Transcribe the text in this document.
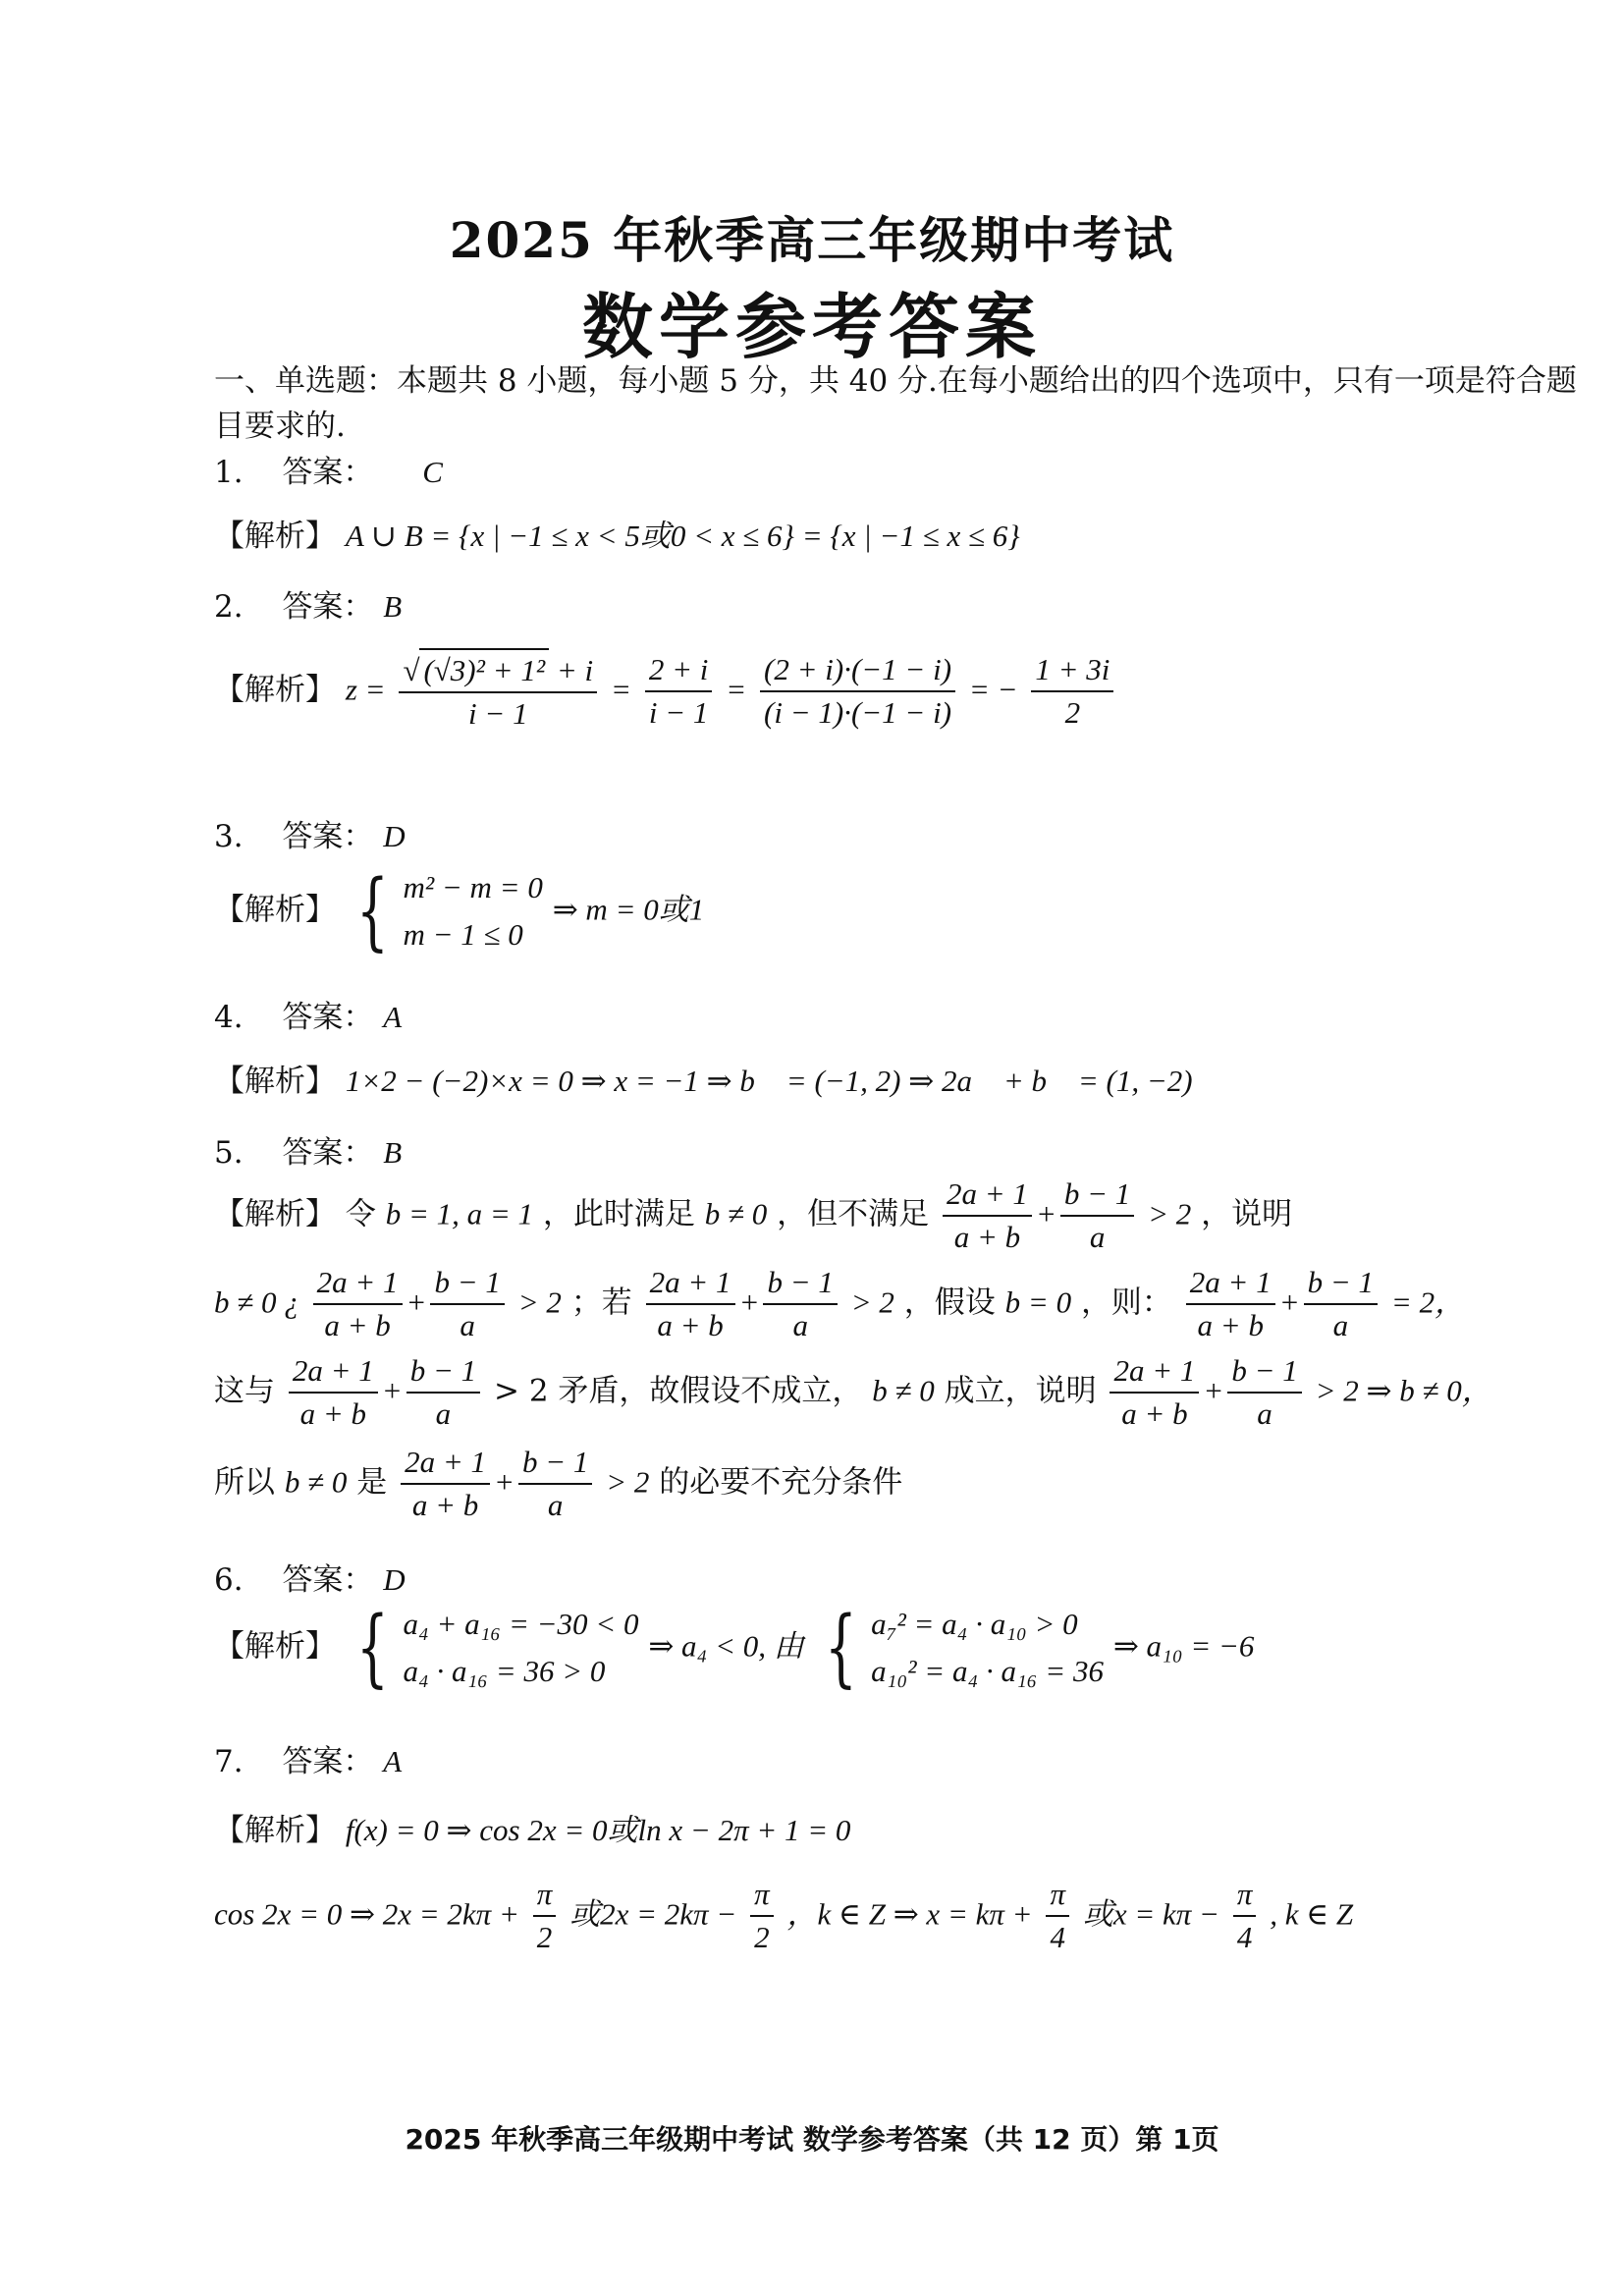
2025 年秋季高三年级期中考试
数学参考答案
一、单选题：本题共 8 小题，每小题 5 分，共 40 分.在每小题给出的四个选项中，只有一项是符合题
目要求的.
1. 答案： C
【解析】 A ∪ B = {x | −1 ≤ x < 5或0 < x ≤ 6} = {x | −1 ≤ x ≤ 6}
2. 答案： B
【解析】 $z = \frac{\text{√ (√3)² + 1² + i}}{i - 1} = \frac{2 + i}{i - 1} = \frac{(2 + i)\cdot(-1 - i)}{(i - 1)\cdot(-1 - i)}$ = − $\frac{1 + 3i}{2}$
3. 答案： D
【解析】 { m² − m = 0
m − 1 ≤ 0
⇒ m = 0或1
4. 答案： A
【解析】 1×2 − (−2)×x = 0 ⇒ x = −1 ⇒ b⃗ = (−1, 2) ⇒ 2a⃗ + b⃗ = (1, −2)
5. 答案： B
【解析】 令 b = 1, a = 1 ，此时满足 b ≠ 0 ，但不满足 $\frac{2a + 1}{a + b} + \frac{b - 1}{a} > 2$ ，说明
b ≠ 0 ¿ $\frac{2a + 1}{a + b} + \frac{b - 1}{a} > 2$ ；若 $\frac{2a + 1}{a + b} + \frac{b - 1}{a} > 2$ ，假设 b = 0 ，则： $\frac{2a + 1}{a + b} + \frac{b - 1}{a} = 2$，
这与 $\frac{2a + 1}{a + b} + \frac{b - 1}{a} > 2$ 矛盾，故假设不成立， b ≠ 0 成立，说明 $\frac{2a + 1}{a + b} + \frac{b - 1}{a} > 2$ ⇒ b ≠ 0，
所以 b ≠ 0 是 $\frac{2a + 1}{a + b} + \frac{b - 1}{a} > 2$ 的必要不充分条件
6. 答案： D
【解析】 { a₄ + a₁₆ = −30 < 0
a₄ · a₁₆ = 36 > 0
⇒ a₄ < 0, 由 { a₇² = a₄ · a₁₀ > 0
a₁₀² = a₄ · a₁₆ = 36
⇒ a₁₀ = −6
7. 答案： A
【解析】 f(x) = 0 ⇒ cos 2x = 0或ln x − 2π + 1 = 0
cos 2x = 0 ⇒ $2x = 2k\pi + \frac{\pi}{2}$ 或$2x = 2k\pi - \frac{\pi}{2}$ ，k ∈ Z ⇒ $x = k\pi + \frac{\pi}{4}$ 或$x = k\pi - \frac{\pi}{4}$ , k ∈ Z
2025 年秋季高三年级期中考试 数学参考答案（共 12 页）第 1页
